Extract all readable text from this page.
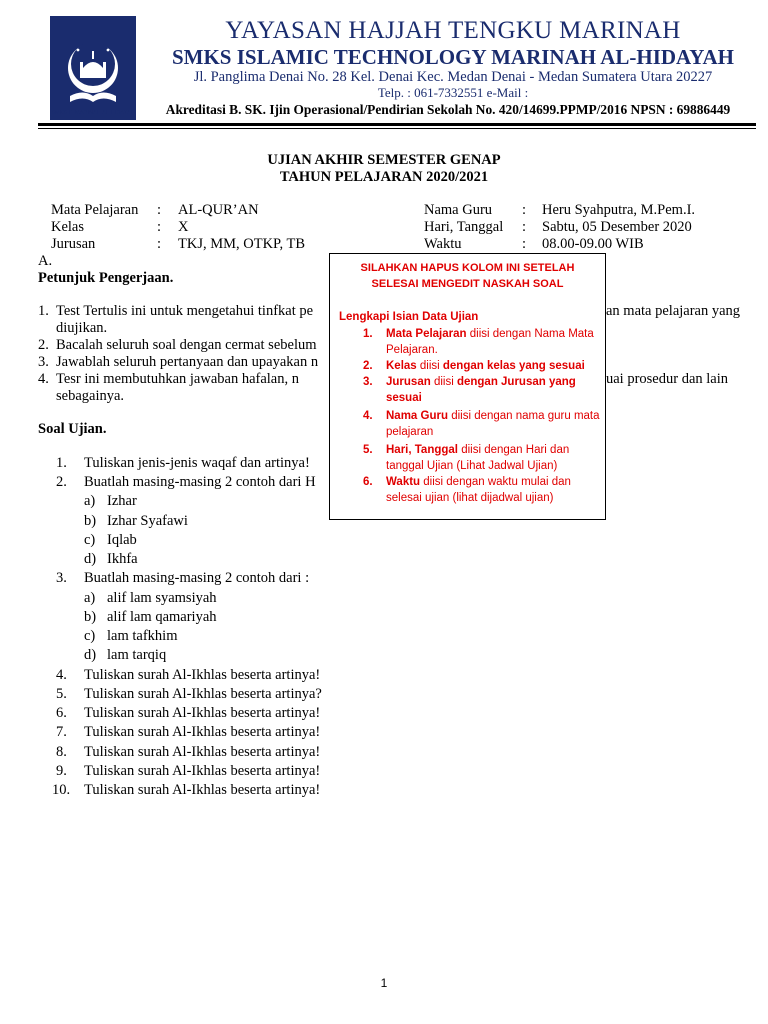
SMKS IT MARINAH AL-HIDAYAH
YAYASAN HAJJAH TENGKU MARINAH
SMKS ISLAMIC TECHNOLOGY MARINAH AL-HIDAYAH
Jl. Panglima Denai No. 28 Kel. Denai Kec. Medan Denai - Medan Sumatera Utara 20227
Telp. : 061-7332551 e-Mail :
Akreditasi B. SK. Ijin Operasional/Pendirian Sekolah No. 420/14699.PPMP/2016 NPSN : 69886449
UJIAN AKHIR SEMESTER GENAP
TAHUN PELAJARAN 2020/2021
Mata Pelajaran : AL-QUR’AN
Kelas	: X
Jurusan	: TKJ, MM, OTKP, TB
Nama Guru : Heru Syahputra, M.Pem.I.
Hari, Tanggal : Sabtu, 05 Desember 2020
Waktu	: 08.00-09.00 WIB
A.
Petunjuk Pengerjaan.
1. Test Tertulis ini untuk mengetahui tinfkat pe	an mata pelajaran yang
diujikan.
2. Bacalah seluruh soal dengan cermat sebelum
3. Jawablah seluruh pertanyaan dan upayakan n
4. Tesr ini membutuhkan jawaban hafalan, n	uai prosedur dan lain
sebagainya.
Soal Ujian.
1. Tuliskan jenis-jenis waqaf dan artinya!
2. Buatlah masing-masing 2 contoh dari H
a) Izhar
b) Izhar Syafawi
c) Iqlab
d) Ikhfa
3. Buatlah masing-masing 2 contoh dari :
a) alif lam syamsiyah
b) alif lam qamariyah
c) lam tafkhim
d) lam tarqiq
4. Tuliskan surah Al-Ikhlas beserta artinya!
5. Tuliskan surah Al-Ikhlas beserta artinya?
6. Tuliskan surah Al-Ikhlas beserta artinya!
7. Tuliskan surah Al-Ikhlas beserta artinya!
8. Tuliskan surah Al-Ikhlas beserta artinya!
9. Tuliskan surah Al-Ikhlas beserta artinya!
10. Tuliskan surah Al-Ikhlas beserta artinya!
SILAHKAN HAPUS KOLOM INI SETELAH
SELESAI MENGEDIT NASKAH SOAL
Lengkapi Isian Data Ujian
1. Mata Pelajaran diisi dengan Nama Mata Pelajaran.
2. Kelas diisi dengan kelas yang sesuai
3. Jurusan diisi dengan Jurusan yang sesuai
4. Nama Guru diisi dengan nama guru mata pelajaran
5. Hari, Tanggal diisi dengan Hari dan tanggal Ujian (Lihat Jadwal Ujian)
6. Waktu diisi dengan waktu mulai dan selesai ujian (lihat dijadwal ujian)
1
